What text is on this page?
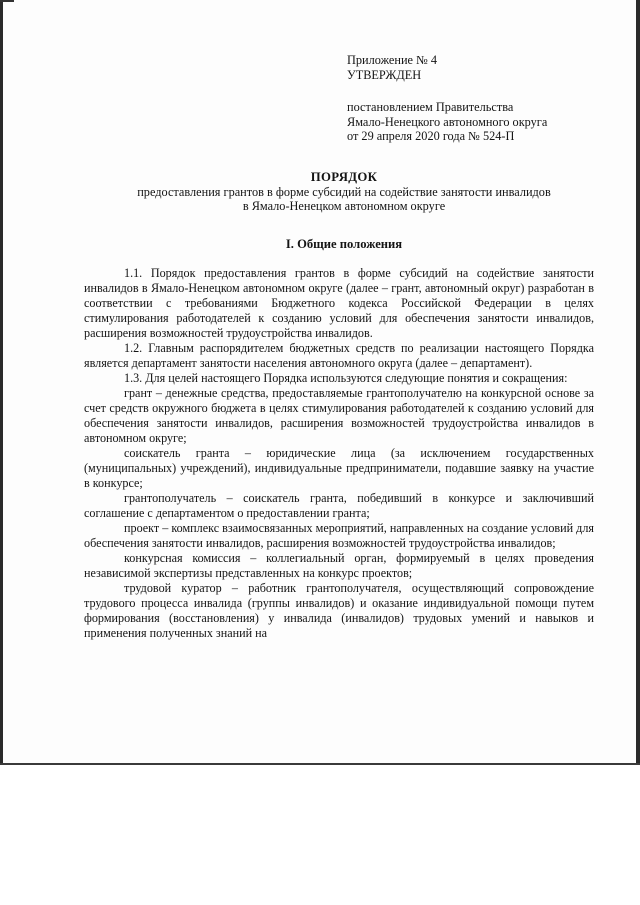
Приложение № 4
УТВЕРЖДЕН
постановлением Правительства
Ямало-Ненецкого автономного округа
от 29 апреля 2020 года № 524-П
ПОРЯДОК
предоставления грантов в форме субсидий на содействие занятости инвалидов
в Ямало-Ненецком автономном округе
I. Общие положения

1.1. Порядок предоставления грантов в форме субсидий на содействие занятости инвалидов в Ямало-Ненецком автономном округе (далее – грант, автономный округ) разработан в соответствии с требованиями Бюджетного кодекса Российской Федерации в целях стимулирования работодателей к созданию условий для обеспечения занятости инвалидов, расширения возможностей трудоустройства инвалидов.

1.2. Главным распорядителем бюджетных средств по реализации настоящего Порядка является департамент занятости населения автономного округа (далее – департамент).

1.3. Для целей настоящего Порядка используются следующие понятия и сокращения:

грант – денежные средства, предоставляемые грантополучателю на конкурсной основе за счет средств окружного бюджета в целях стимулирования работодателей к созданию условий для обеспечения занятости инвалидов, расширения возможностей трудоустройства инвалидов в автономном округе;

соискатель гранта – юридические лица (за исключением государственных (муниципальных) учреждений), индивидуальные предприниматели, подавшие заявку на участие в конкурсе;

грантополучатель – соискатель гранта, победивший в конкурсе и заключивший соглашение с департаментом о предоставлении гранта;

проект – комплекс взаимосвязанных мероприятий, направленных на создание условий для обеспечения занятости инвалидов, расширения возможностей трудоустройства инвалидов;

конкурсная комиссия – коллегиальный орган, формируемый в целях проведения независимой экспертизы представленных на конкурс проектов;

трудовой куратор – работник грантополучателя, осуществляющий сопровождение трудового процесса инвалида (группы инвалидов) и оказание индивидуальной помощи путем формирования (восстановления) у инвалида (инвалидов) трудовых умений и навыков и применения полученных знаний на
